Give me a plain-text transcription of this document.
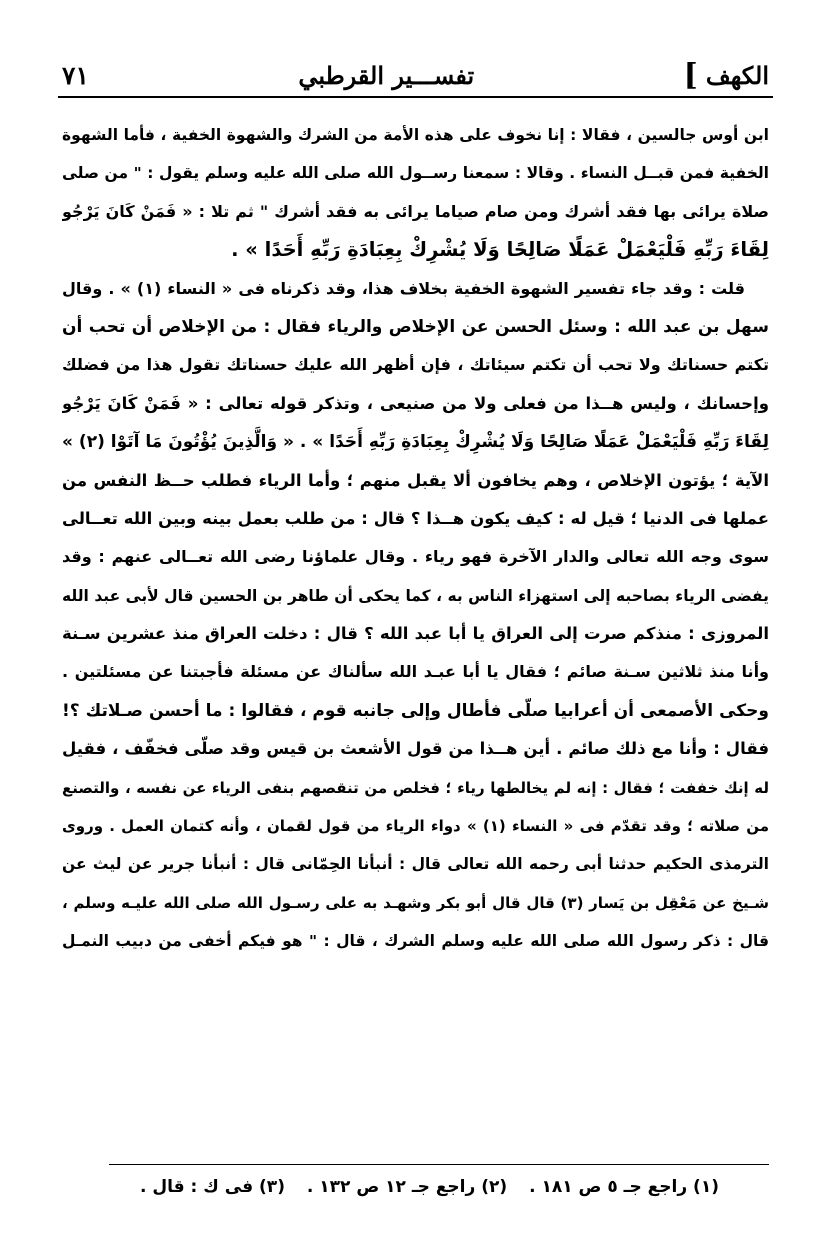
الكهف
]
تفســـير القرطبي
٧١
ابن أوس جالسين ، فقالا : إنا نخوف على هذه الأمة من الشرك والشهوة الخفية ، فأما الشهوة
الخفية فمن قبــل النساء . وقالا : سمعنا رســول الله صلى الله عليه وسلم يقول : " من صلى
صلاة يرائى بها فقد أشرك ومن صام صياما يرائى به فقد أشرك " ثم تلا : « فَمَنْ كَانَ يَرْجُو
لِقَاءَ رَبِّهِ فَلْيَعْمَلْ عَمَلًا صَالِحًا وَلَا يُشْرِكْ بِعِبَادَةِ رَبِّهِ أَحَدًا » .
قلت : وقد جاء تفسير الشهوة الخفية بخلاف هذا، وقد ذكرناه فى « النساء (١) » . وقال
سهل بن عبد الله : وسئل الحسن عن الإخلاص والرياء فقال : من الإخلاص أن تحب أن
تكتم حسناتك ولا تحب أن تكتم سيئاتك ، فإن أظهر الله عليك حسناتك تقول هذا من فضلك
وإحسانك ، وليس هــذا من فعلى ولا من صنيعى ، وتذكر قوله تعالى : « فَمَنْ كَانَ يَرْجُو
لِقَاءَ رَبِّهِ فَلْيَعْمَلْ عَمَلًا صَالِحًا وَلَا يُشْرِكْ بِعِبَادَةِ رَبِّهِ أَحَدًا » . « وَالَّذِينَ يُؤْتُونَ مَا آتَوْا (٢) »
الآية ؛ يؤتون الإخلاص ، وهم يخافون ألا يقبل منهم ؛ وأما الرياء فطلب حــظ النفس من
عملها فى الدنيا ؛ قيل له : كيف يكون هــذا ؟ قال : من طلب بعمل بينه وبين الله تعــالى
سوى وجه الله تعالى والدار الآخرة فهو رياء . وقال علماؤنا رضى الله تعــالى عنهم : وقد
يفضى الرياء بصاحبه إلى استهزاء الناس به ، كما يحكى أن طاهر بن الحسين قال لأبى عبد الله
المروزى : منذكم صرت إلى العراق يا أبا عبد الله ؟ قال : دخلت العراق منذ عشرين سـنة
وأنا منذ ثلاثين سـنة صائم ؛ فقال يا أبا عبـد الله سألناك عن مسئلة فأجبتنا عن مسئلتين .
وحكى الأصمعى أن أعرابيا صلّى فأطال وإلى جانبه قوم ، فقالوا : ما أحسن صـلاتك ؟!
فقال : وأنا مع ذلك صائم . أين هــذا من قول الأشعث بن قيس وقد صلّى فخفّف ، فقيل
له إنك خففت ؛ فقال : إنه لم يخالطها رياء ؛ فخلص من تنقصهم بنفى الرياء عن نفسه ، والتصنع
من صلاته ؛ وقد تقدّم فى « النساء (١) » دواء الرياء من قول لقمان ، وأنه كتمان العمل . وروى
الترمذى الحكيم حدثنا أبى رحمه الله تعالى قال : أنبأنا الحِمّانى قال : أنبأنا جرير عن ليث عن
شـيخ عن مَعْقِل بن يَسار (٣) قال قال أبو بكر وشهـد به على رسـول الله صلى الله عليـه وسلم ،
قال : ذكر رسول الله صلى الله عليه وسلم الشرك ، قال : " هو فيكم أخفى من دبيب النمـل
(١) راجع جـ ٥ ص ١٨١ .
(٢) راجع جـ ١٢ ص ١٣٢ .
(٣) فى ك : قال .
